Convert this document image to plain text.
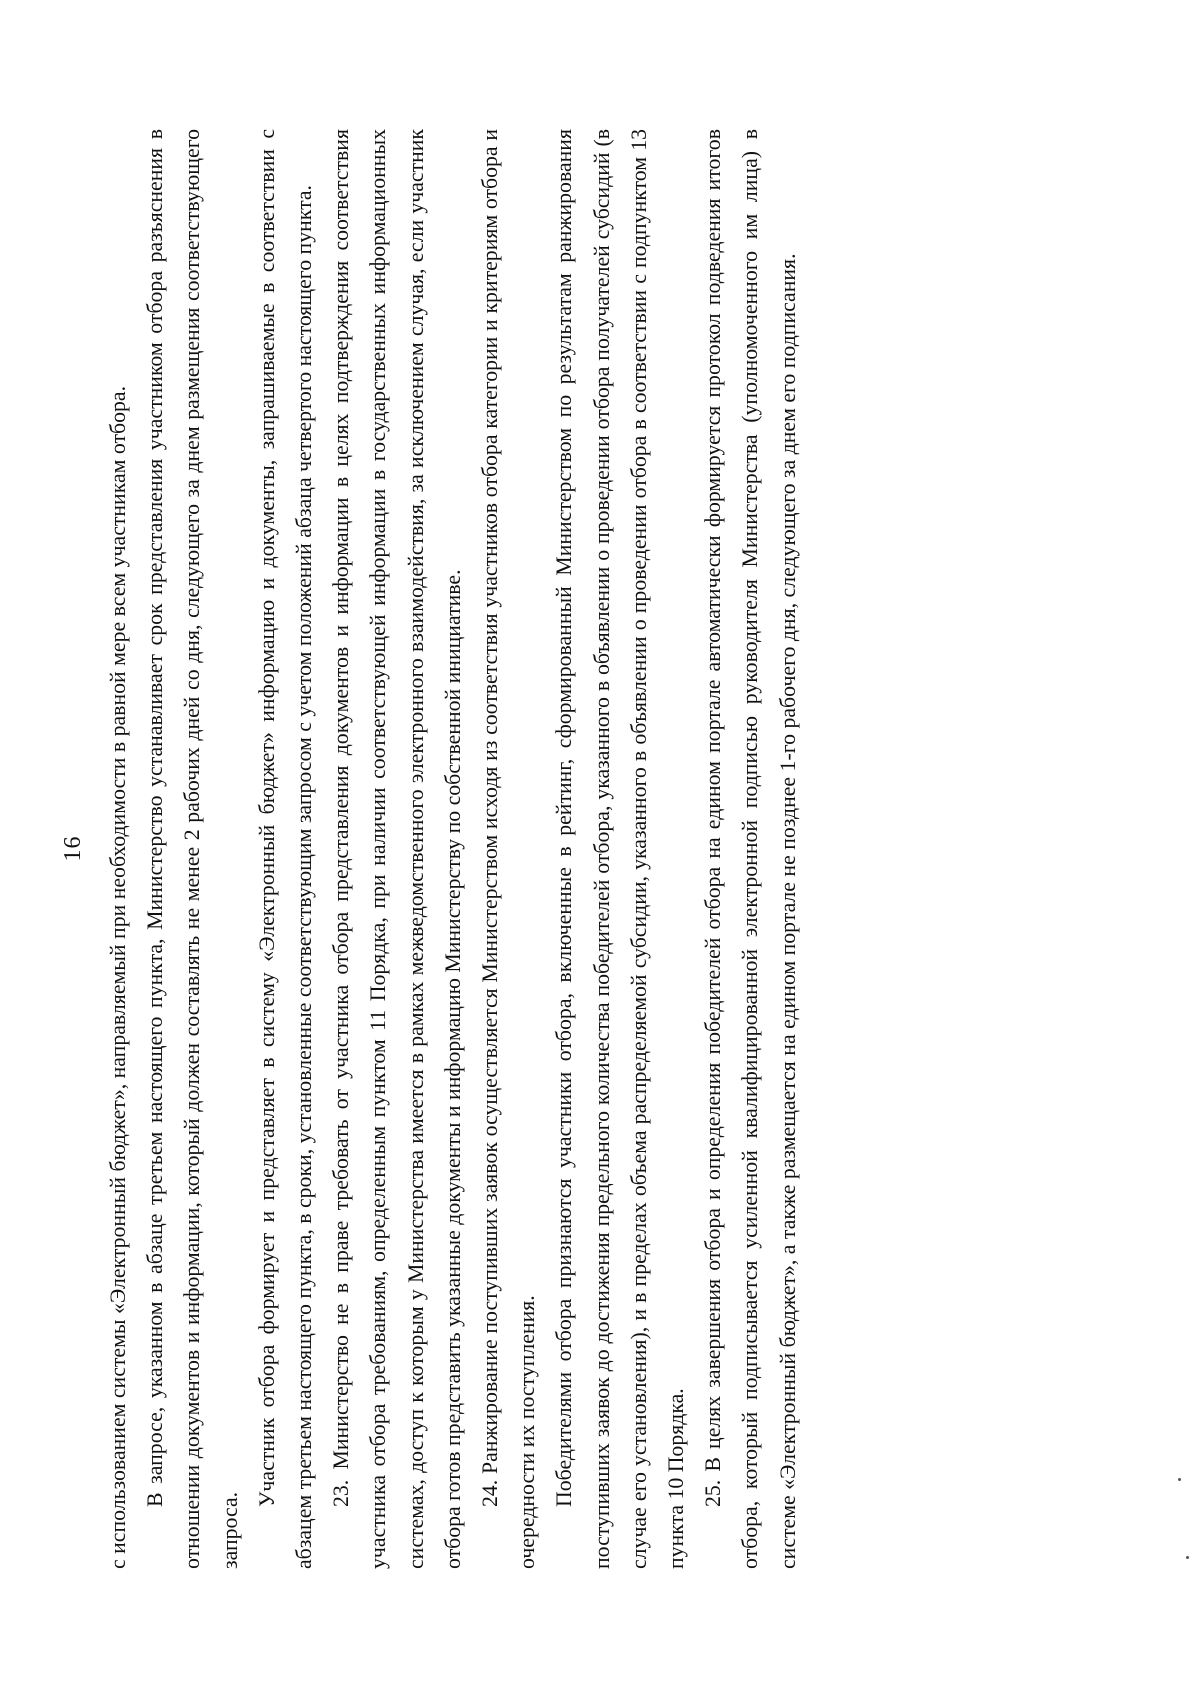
16 с использованием системы «Электронный бюджет», направляемый при необходимости в равной мере всем участникам отбора. В запросе, указанном в абзаце третьем настоящего пункта, Министерство устанавливает срок представления участником отбора разъяснения в отношении документов и информации, который должен составлять не менее 2 рабочих дней со дня, следующего за днем размещения соответствующего запроса.

Участник отбора формирует и представляет в систему «Электронный бюджет» информацию и документы, запрашиваемые в соответствии с абзацем третьем настоящего пункта, в сроки, установленные соответствующим запросом с учетом положений абзаца четвертого настоящего пункта. 23. Министерство не в праве требовать от участника отбора представления документов и информации в целях подтверждения соответствия участника отбора требованиям, определенным пунктом 11 Порядка, при наличии соответствующей информации в государственных информационных системах, доступ к которым у Министерства имеется в рамках межведомственного электронного взаимодействия, за исключением случая, если участник отбора готов представить указанные документы и информацию Министерству по собственной инициативе. 24. Ранжирование поступивших заявок осуществляется Министерством исходя из соответствия участников отбора категории и критериям отбора и очередности их поступления. Победителями отбора признаются участники отбора, включенные в рейтинг, сформированный Министерством по результатам ранжирования поступивших заявок до достижения предельного количества победителей отбора, указанного в объявлении о проведении отбора получателей субсидий (в случае его установления), и в пределах объема распределяемой субсидии, указанного в объявлении о проведении отбора в соответствии с подпунктом 13 пункта 10 Порядка. 25. В целях завершения отбора и определения победителей отбора на едином портале автоматически формируется протокол подведения итогов отбора, который подписывается усиленной квалифицированной электронной подписью руководителя Министерства (уполномоченного им лица) в системе «Электронный бюджет», а также размещается на едином портале не позднее 1-го рабочего дня, следующего за днем его подписания.
